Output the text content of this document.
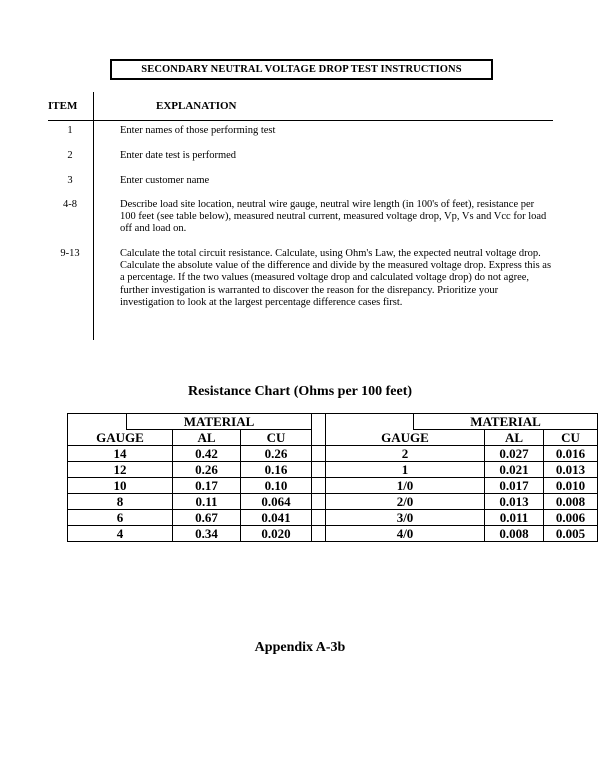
SECONDARY NEUTRAL VOLTAGE DROP TEST INSTRUCTIONS
ITEM	EXPLANATION
1	Enter names of those performing test
2	Enter date test is performed
3	Enter customer name
4-8	Describe load site location, neutral wire gauge, neutral wire length (in 100's of feet), resistance per 100 feet (see table below), measured neutral current, measured voltage drop, Vp, Vs and Vcc for load off and load on.
9-13	Calculate the total circuit resistance. Calculate, using Ohm's Law, the expected neutral voltage drop. Calculate the absolute value of the difference and divide by the measured voltage drop. Express this as a percentage. If the two values (measured voltage drop and calculated voltage drop) do not agree, further investigation is warranted to discover the reason for the disrepancy. Prioritize your investigation to look at the largest percentage difference cases first.
Resistance Chart (Ohms per 100 feet)
	MATERIAL					MATERIAL		
GAUGE		AL	CU		GAUGE		AL	CU
14		0.42	0.26		2		0.027	0.016
12		0.26	0.16		1		0.021	0.013
10		0.17	0.10		1/0		0.017	0.010
8		0.11	0.064		2/0		0.013	0.008
6		0.67	0.041		3/0		0.011	0.006
4		0.34	0.020		4/0		0.008	0.005
Appendix A-3b
